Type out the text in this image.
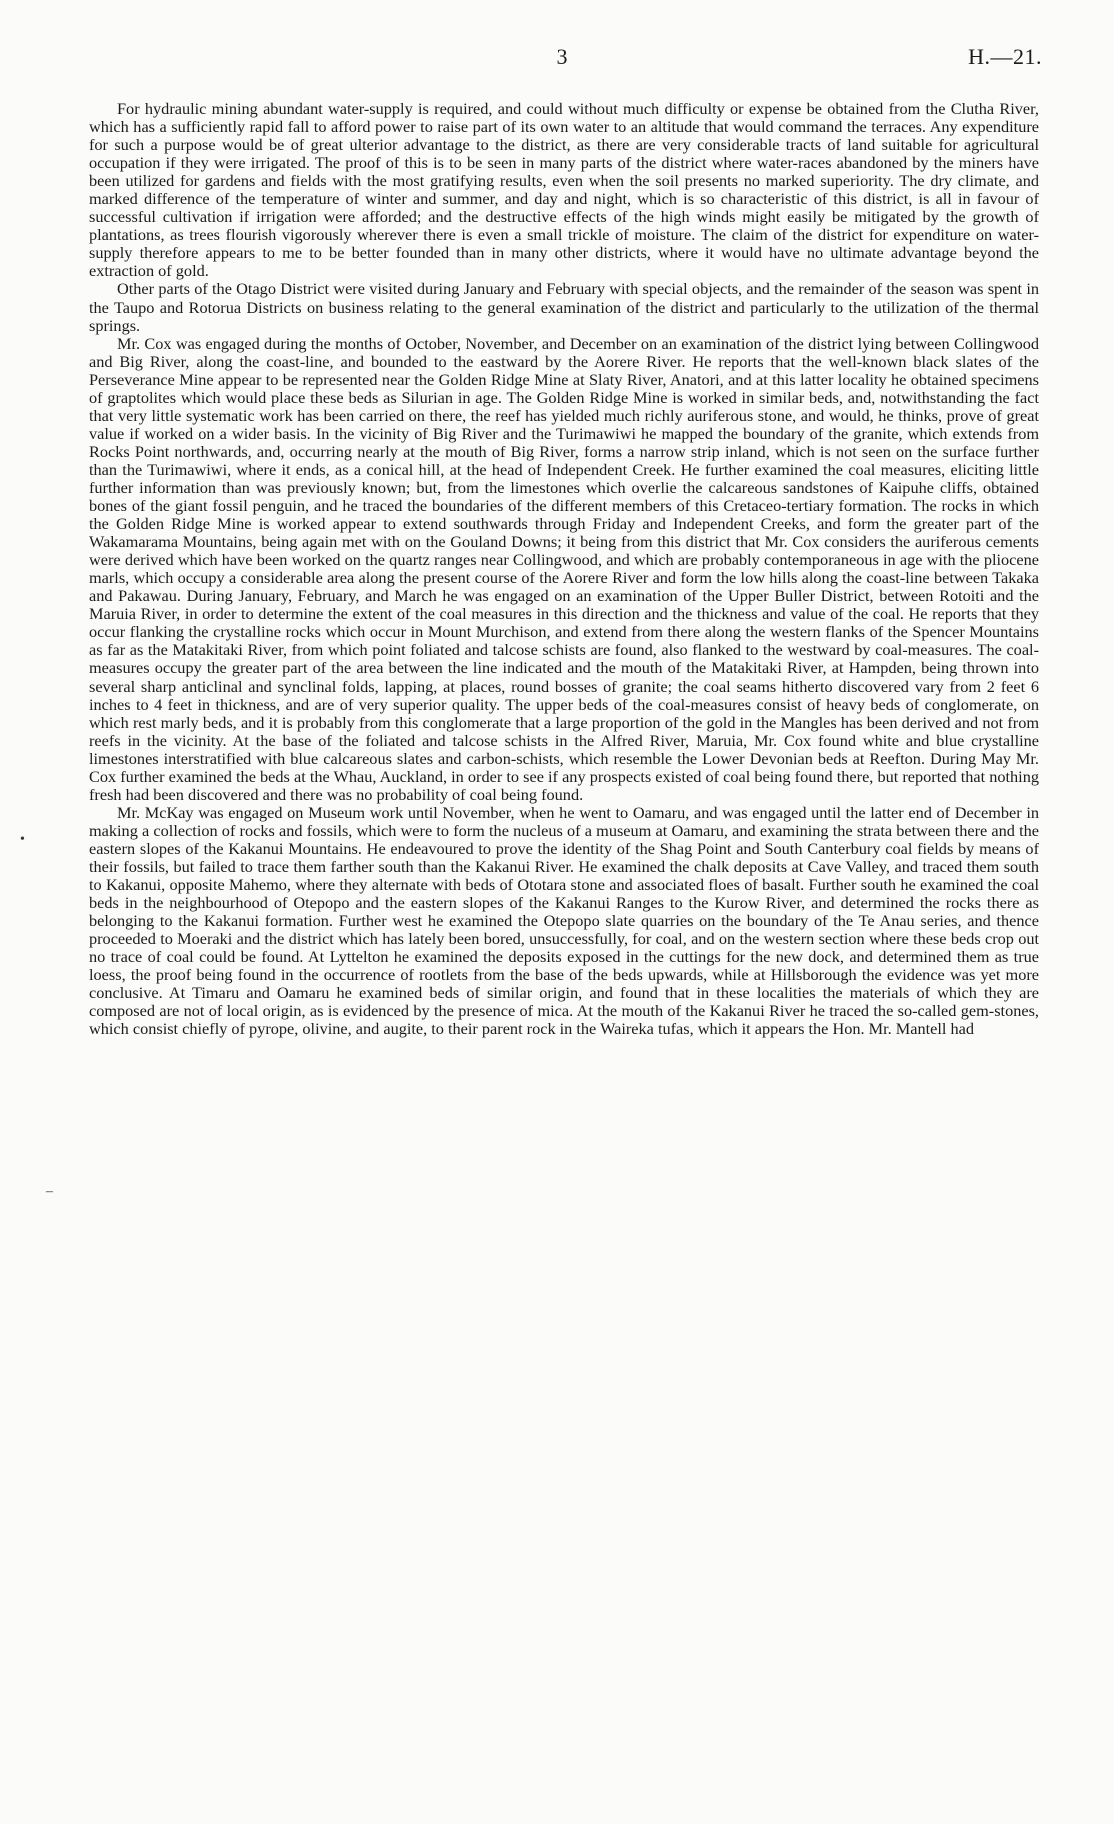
3	H.—21.

For hydraulic mining abundant water-supply is required, and could without much difficulty or expense be obtained from the Clutha River, which has a sufficiently rapid fall to afford power to raise part of its own water to an altitude that would command the terraces. Any expenditure for such a purpose would be of great ulterior advantage to the district, as there are very considerable tracts of land suitable for agricultural occupation if they were irrigated. The proof of this is to be seen in many parts of the district where water-races abandoned by the miners have been utilized for gardens and fields with the most gratifying results, even when the soil presents no marked superiority. The dry climate, and marked difference of the temperature of winter and summer, and day and night, which is so characteristic of this district, is all in favour of successful cultivation if irrigation were afforded; and the destructive effects of the high winds might easily be mitigated by the growth of plantations, as trees flourish vigorously wherever there is even a small trickle of moisture. The claim of the district for expenditure on water-supply therefore appears to me to be better founded than in many other districts, where it would have no ultimate advantage beyond the extraction of gold.

Other parts of the Otago District were visited during January and February with special objects, and the remainder of the season was spent in the Taupo and Rotorua Districts on business relating to the general examination of the district and particularly to the utilization of the thermal springs.

Mr. Cox was engaged during the months of October, November, and December on an examination of the district lying between Collingwood and Big River, along the coast-line, and bounded to the eastward by the Aorere River. He reports that the well-known black slates of the Perseverance Mine appear to be represented near the Golden Ridge Mine at Slaty River, Anatori, and at this latter locality he obtained specimens of graptolites which would place these beds as Silurian in age. The Golden Ridge Mine is worked in similar beds, and, notwithstanding the fact that very little systematic work has been carried on there, the reef has yielded much richly auriferous stone, and would, he thinks, prove of great value if worked on a wider basis. In the vicinity of Big River and the Turimawiwi he mapped the boundary of the granite, which extends from Rocks Point northwards, and, occurring nearly at the mouth of Big River, forms a narrow strip inland, which is not seen on the surface further than the Turimawiwi, where it ends, as a conical hill, at the head of Independent Creek. He further examined the coal measures, eliciting little further information than was previously known; but, from the limestones which overlie the calcareous sandstones of Kaipuhe cliffs, obtained bones of the giant fossil penguin, and he traced the boundaries of the different members of this Cretaceo-tertiary formation. The rocks in which the Golden Ridge Mine is worked appear to extend southwards through Friday and Independent Creeks, and form the greater part of the Wakamarama Mountains, being again met with on the Gouland Downs; it being from this district that Mr. Cox considers the auriferous cements were derived which have been worked on the quartz ranges near Collingwood, and which are probably contemporaneous in age with the pliocene marls, which occupy a considerable area along the present course of the Aorere River and form the low hills along the coast-line between Takaka and Pakawau. During January, February, and March he was engaged on an examination of the Upper Buller District, between Rotoiti and the Maruia River, in order to determine the extent of the coal measures in this direction and the thickness and value of the coal. He reports that they occur flanking the crystalline rocks which occur in Mount Murchison, and extend from there along the western flanks of the Spencer Mountains as far as the Matakitaki River, from which point foliated and talcose schists are found, also flanked to the westward by coal-measures. The coal-measures occupy the greater part of the area between the line indicated and the mouth of the Matakitaki River, at Hampden, being thrown into several sharp anticlinal and synclinal folds, lapping, at places, round bosses of granite; the coal seams hitherto discovered vary from 2 feet 6 inches to 4 feet in thickness, and are of very superior quality. The upper beds of the coal-measures consist of heavy beds of conglomerate, on which rest marly beds, and it is probably from this conglomerate that a large proportion of the gold in the Mangles has been derived and not from reefs in the vicinity. At the base of the foliated and talcose schists in the Alfred River, Maruia, Mr. Cox found white and blue crystalline limestones interstratified with blue calcareous slates and carbon-schists, which resemble the Lower Devonian beds at Reefton. During May Mr. Cox further examined the beds at the Whau, Auckland, in order to see if any prospects existed of coal being found there, but reported that nothing fresh had been discovered and there was no probability of coal being found.

Mr. McKay was engaged on Museum work until November, when he went to Oamaru, and was engaged until the latter end of December in making a collection of rocks and fossils, which were to form the nucleus of a museum at Oamaru, and examining the strata between there and the eastern slopes of the Kakanui Mountains. He endeavoured to prove the identity of the Shag Point and South Canterbury coal fields by means of their fossils, but failed to trace them farther south than the Kakanui River. He examined the chalk deposits at Cave Valley, and traced them south to Kakanui, opposite Mahemo, where they alternate with beds of Ototara stone and associated floes of basalt. Further south he examined the coal beds in the neighbourhood of Otepopo and the eastern slopes of the Kakanui Ranges to the Kurow River, and determined the rocks there as belonging to the Kakanui formation. Further west he examined the Otepopo slate quarries on the boundary of the Te Anau series, and thence proceeded to Moeraki and the district which has lately been bored, unsuccessfully, for coal, and on the western section where these beds crop out no trace of coal could be found. At Lyttelton he examined the deposits exposed in the cuttings for the new dock, and determined them as true loess, the proof being found in the occurrence of rootlets from the base of the beds upwards, while at Hillsborough the evidence was yet more conclusive. At Timaru and Oamaru he examined beds of similar origin, and found that in these localities the materials of which they are composed are not of local origin, as is evidenced by the presence of mica. At the mouth of the Kakanui River he traced the so-called gem-stones, which consist chiefly of pyrope, olivine, and augite, to their parent rock in the Waireka tufas, which it appears the Hon. Mr. Mantell had

•
–
